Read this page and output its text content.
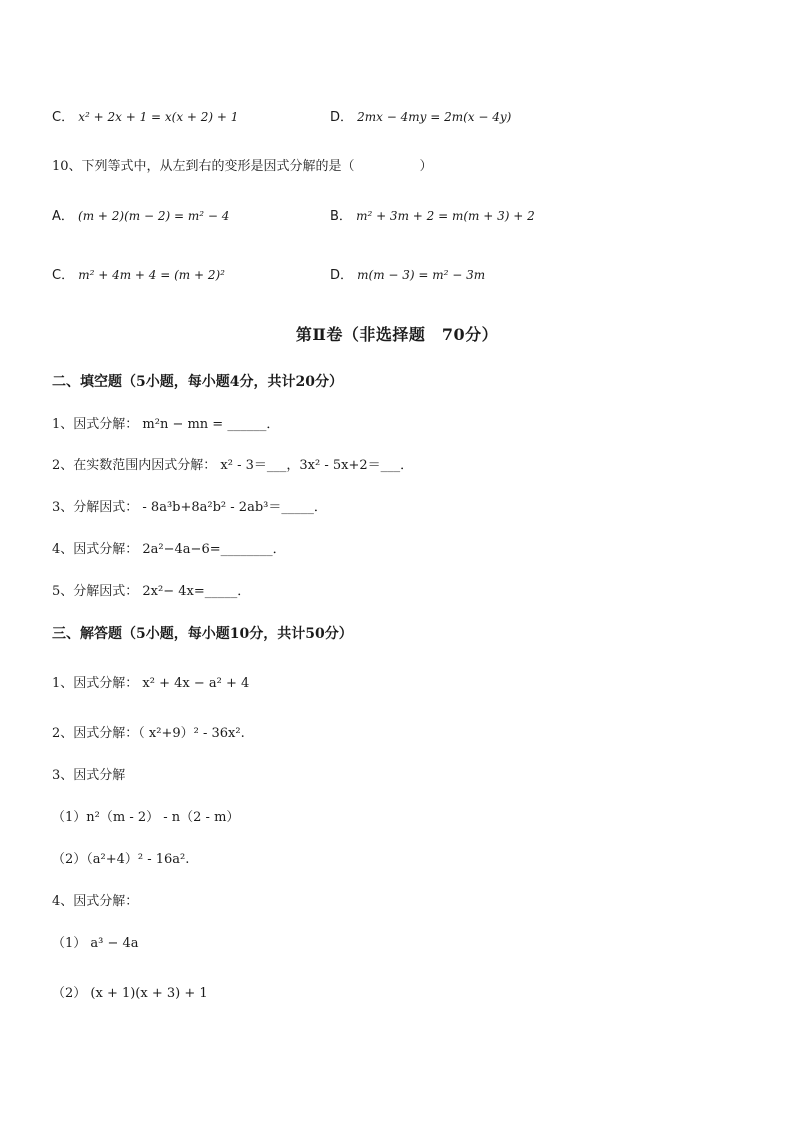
C． x² + 2x + 1 = x(x + 2) + 1	D． 2mx − 4my = 2m(x − 4y)
10、下列等式中，从左到右的变形是因式分解的是（　　　　　）
A． (m + 2)(m − 2) = m² − 4	B． m² + 3m + 2 = m(m + 3) + 2
C． m² + 4m + 4 = (m + 2)²	D． m(m − 3) = m² − 3m
第Ⅱ卷（非选择题　70分）
二、填空题（5小题，每小题4分，共计20分）
1、因式分解： m²n − mn = ______．
2、在实数范围内因式分解： x² - 3＝___，3x² - 5x+2＝___．
3、分解因式： - 8a³b+8a²b² - 2ab³＝_____．
4、因式分解： 2a²−4a−6=________．
5、分解因式： 2x²− 4x=_____．
三、解答题（5小题，每小题10分，共计50分）
1、因式分解： x² + 4x − a² + 4
2、因式分解：（ x²+9）² - 36x².
3、因式分解
（1）n²（m - 2） - n（2 - m）
（2）（a²+4）² - 16a².
4、因式分解：
（1） a³ − 4a
（2） (x + 1)(x + 3) + 1
